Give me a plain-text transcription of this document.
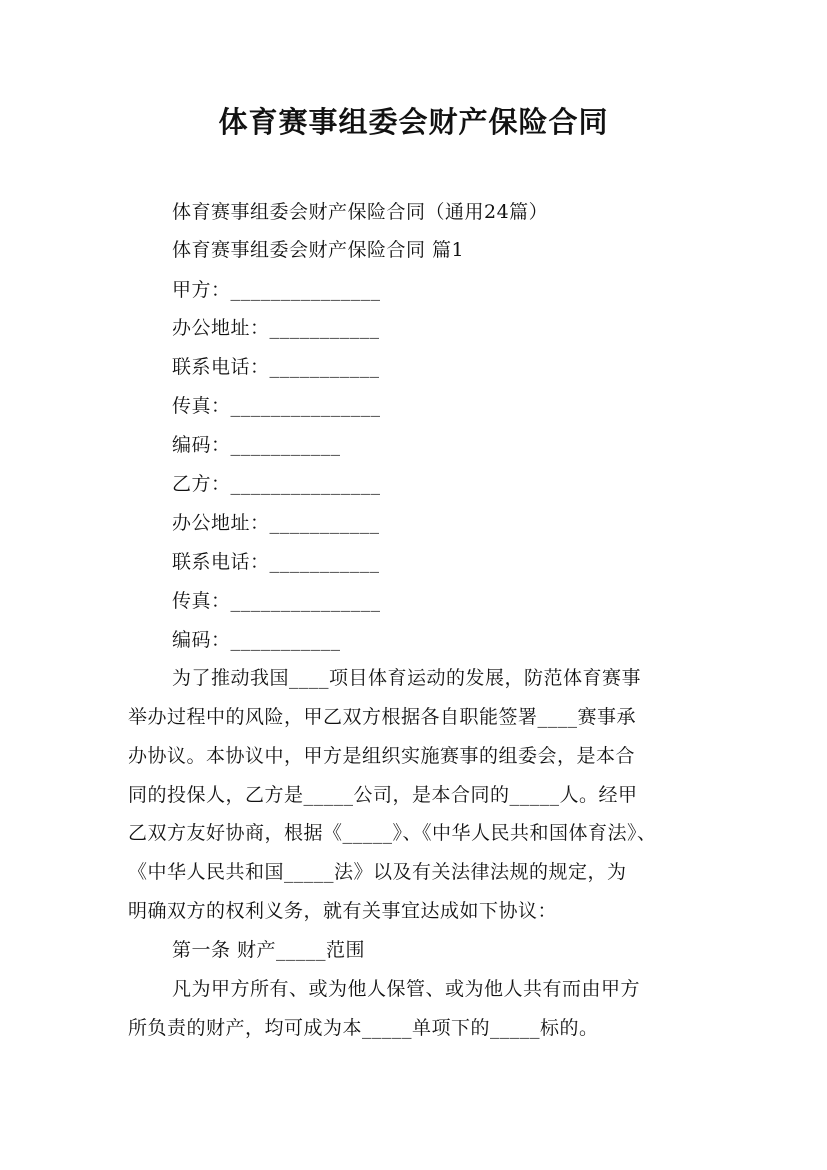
体育赛事组委会财产保险合同
体育赛事组委会财产保险合同（通用24篇）
体育赛事组委会财产保险合同 篇1
甲方：_______________
办公地址：___________
联系电话：___________
传真：_______________
编码：___________
乙方：_______________
办公地址：___________
联系电话：___________
传真：_______________
编码：___________
为了推动我国____项目体育运动的发展，防范体育赛事
举办过程中的风险，甲乙双方根据各自职能签署____赛事承
办协议。本协议中，甲方是组织实施赛事的组委会，是本合
同的投保人，乙方是_____公司，是本合同的_____人。经甲
乙双方友好协商，根据《_____》、《中华人民共和国体育法》、
《中华人民共和国_____法》以及有关法律法规的规定，为
明确双方的权利义务，就有关事宜达成如下协议：
第一条 财产_____范围
凡为甲方所有、或为他人保管、或为他人共有而由甲方
所负责的财产，均可成为本_____单项下的_____标的。
